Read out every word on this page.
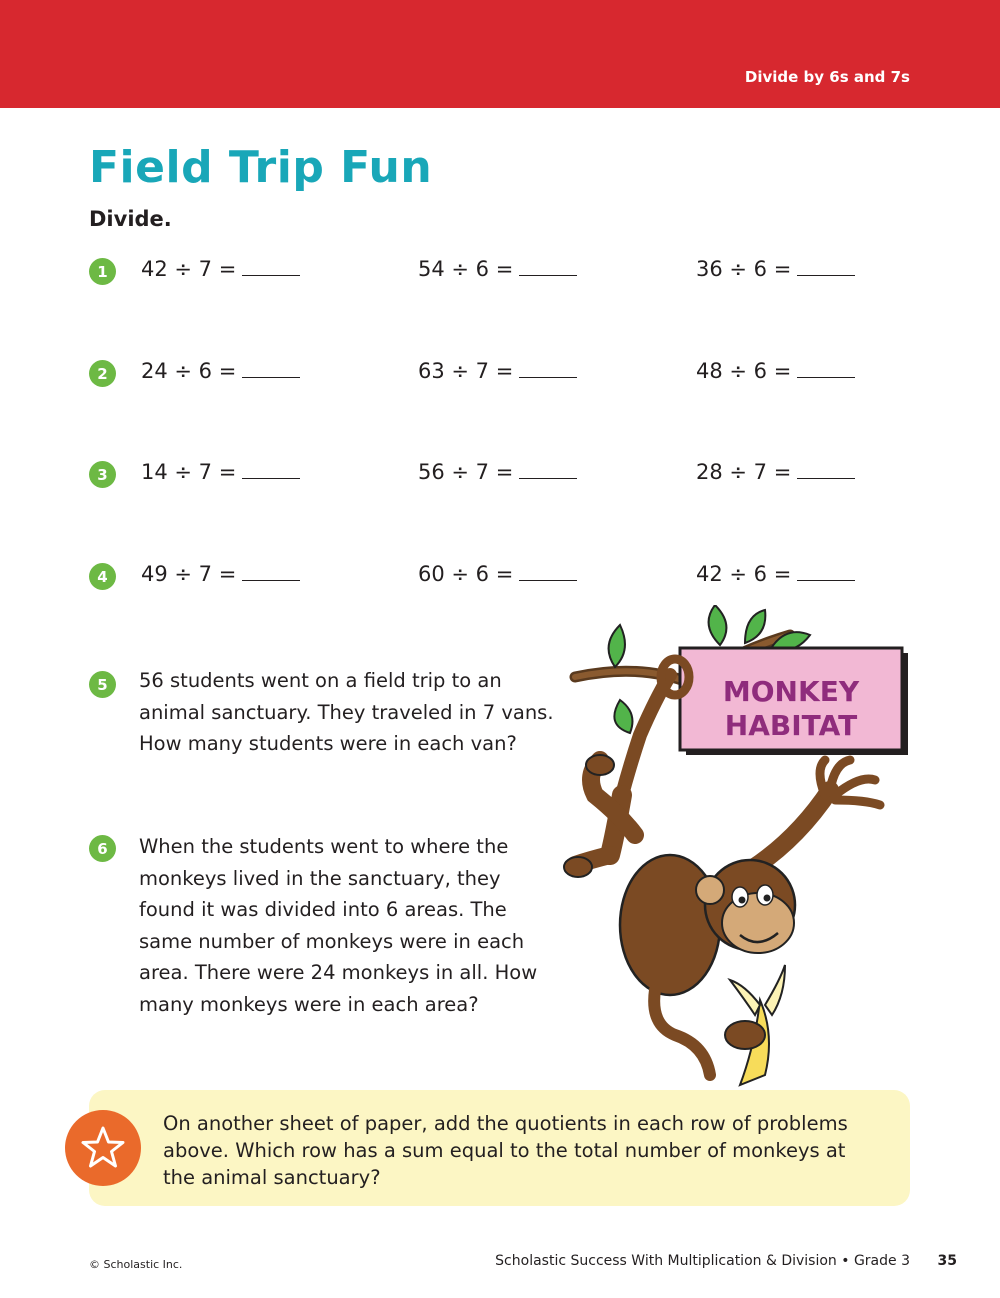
Divide by 6s and 7s
Field Trip Fun
Divide.
1	42 ÷ 7 =	54 ÷ 6 =	36 ÷ 6 =
2	24 ÷ 6 =	63 ÷ 7 =	48 ÷ 6 =
3	14 ÷ 7 =	56 ÷ 7 =	28 ÷ 7 =
4	49 ÷ 7 =	60 ÷ 6 =	42 ÷ 6 =
5	56 students went on a field trip to an
animal sanctuary. They traveled in 7 vans.
How many students were in each van?
6	When the students went to where the
monkeys lived in the sanctuary, they
found it was divided into 6 areas. The
same number of monkeys were in each
area. There were 24 monkeys in all. How
many monkeys were in each area?
MONKEY
HABITAT
On another sheet of paper, add the quotients in each row of problems
above. Which row has a sum equal to the total number of monkeys at
the animal sanctuary?
© Scholastic Inc.	Scholastic Success With Multiplication & Division • Grade 3 35
